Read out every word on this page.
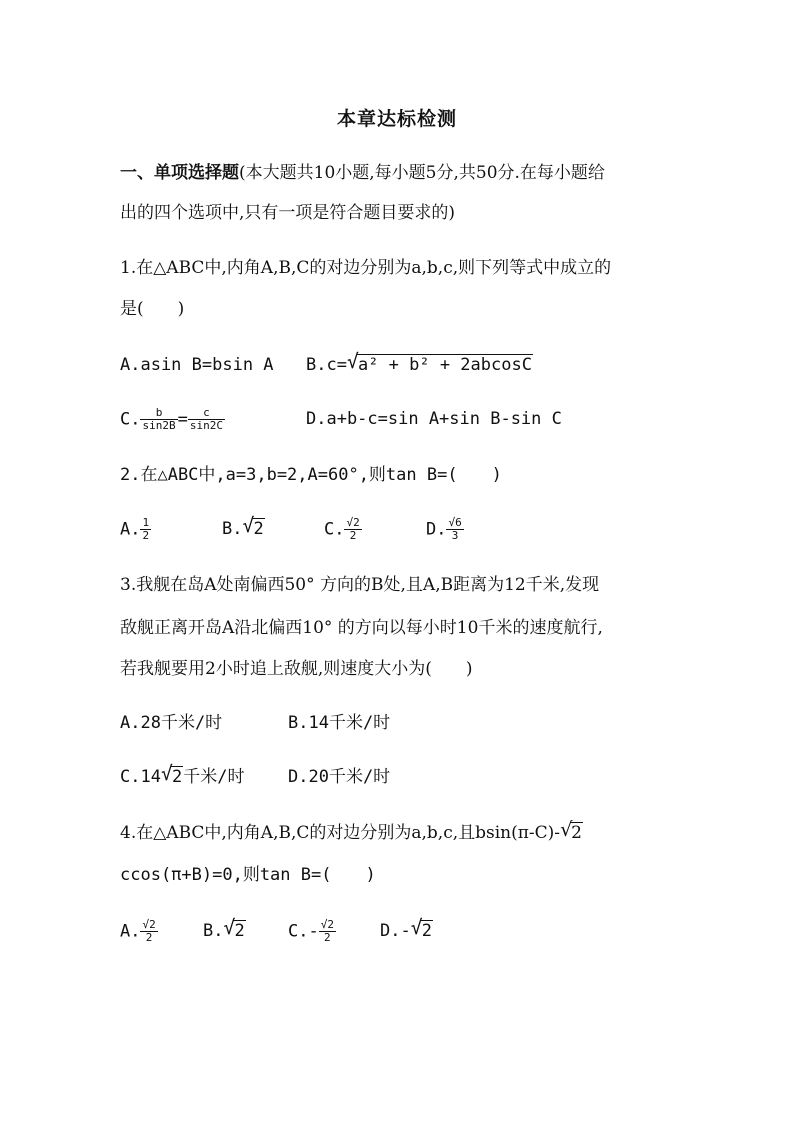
本章达标检测
一、单项选择题(本大题共10小题,每小题5分,共50分.在每小题给
出的四个选项中,只有一项是符合题目要求的)
1.在△ABC中,内角A,B,C的对边分别为a,b,c,则下列等式中成立的
是(　　)
A.asin B=bsin A B.c= √ a² + b² + 2abcosC
C. $\frac{b}{\sin 2B} = \frac{c}{\sin 2C}$	D.a+b-c=sin A+sin B-sin C
2.在△ABC中,a=3,b=2,A=60°,则tan B=(　　)
A. $\frac{1}{2}$	B. √ 2	C. $\frac{√2}{2}$	D. $\frac{√6}{3}$
3.我舰在岛A处南偏西50° 方向的B处,且A,B距离为12千米,发现
敌舰正离开岛A沿北偏西10° 的方向以每小时10千米的速度航行,
若我舰要用2小时追上敌舰,则速度大小为(　　)
A.28千米/时	B.14千米/时
C.14 √ 2千米/时	D.20千米/时
4.在△ABC中,内角A,B,C的对边分别为a,b,c,且bsin(π-C)- √
2
ccos(π+B)=0,则tan B=(　　)
A. $\frac{√2}{2}$	B. √ 2	$C.- \frac{√2}{2}$	D.- √ 2
